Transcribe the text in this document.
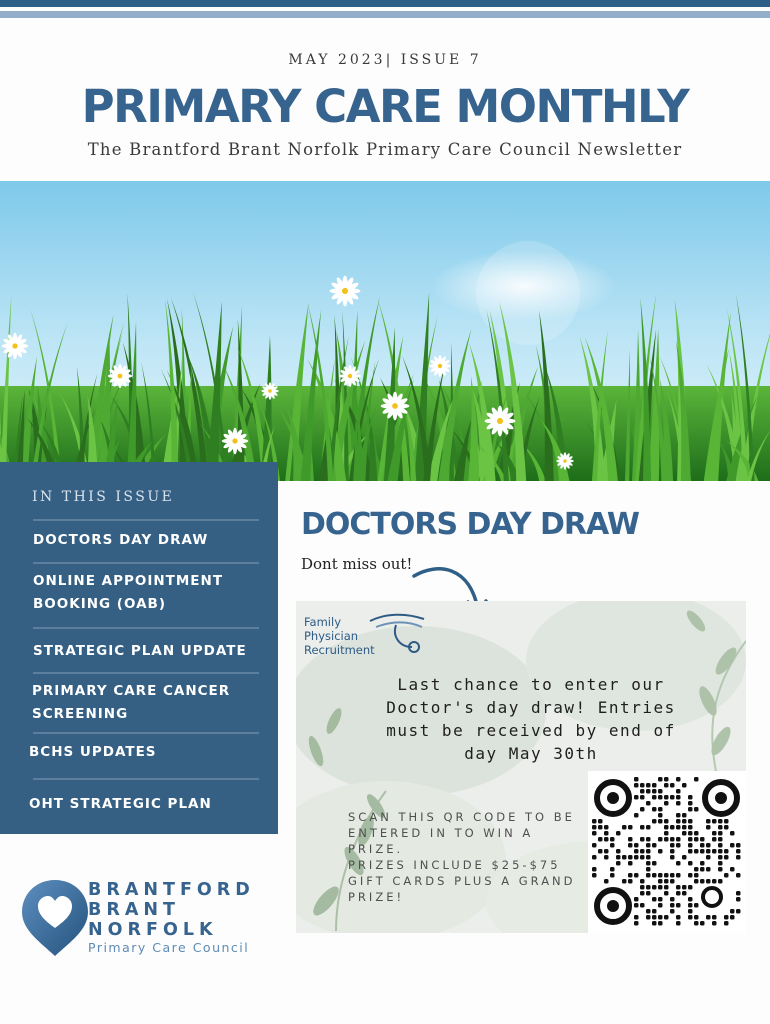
MAY 2023| ISSUE 7
PRIMARY CARE MONTHLY
The Brantford Brant Norfolk Primary Care Council Newsletter
IN THIS ISSUE
DOCTORS DAY DRAW
ONLINE APPOINTMENT BOOKING (OAB)
STRATEGIC PLAN UPDATE
PRIMARY CARE CANCER SCREENING
BCHS UPDATES
OHT STRATEGIC PLAN
BRANTFORD
BRANT
NORFOLK
Primary Care Council
DOCTORS DAY DRAW
Dont miss out!
Family
Physician
Recruitment
Last chance to enter our Doctor's day draw! Entries must be received by end of day May 30th
SCAN THIS QR CODE TO BE ENTERED IN TO WIN A PRIZE.
PRIZES INCLUDE $25-$75 GIFT CARDS PLUS A GRAND PRIZE!
